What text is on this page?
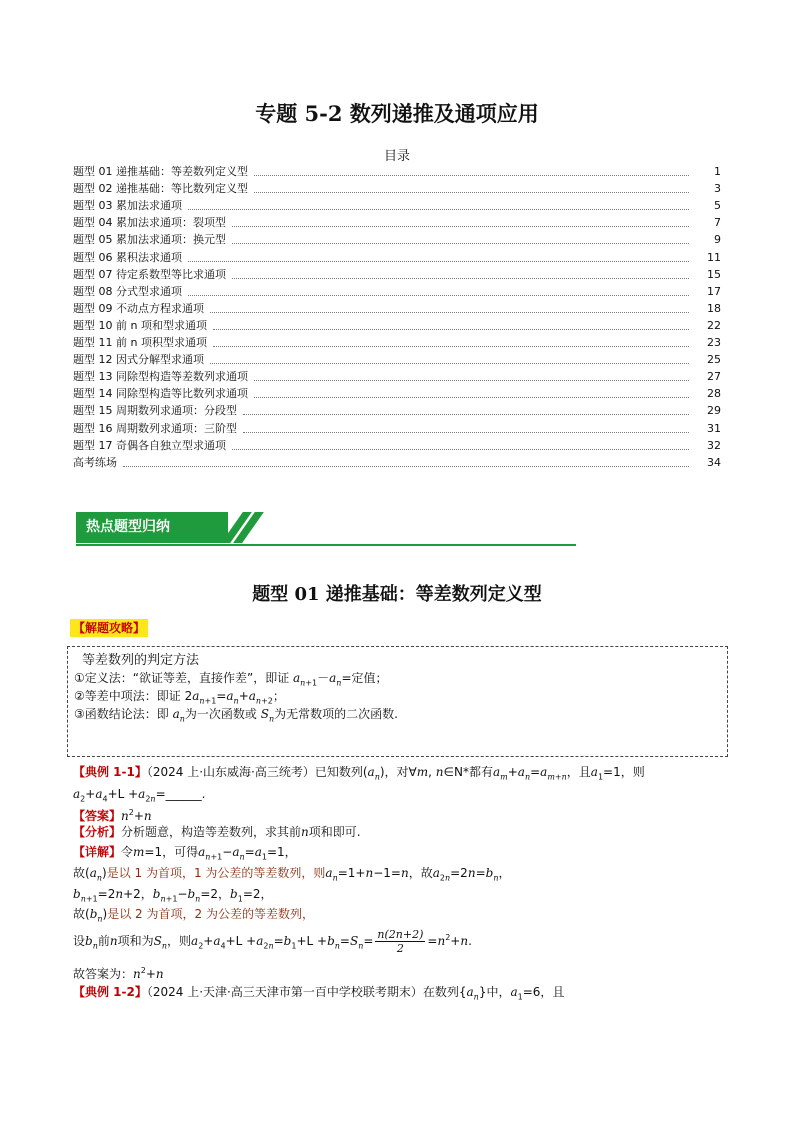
专题 5-2 数列递推及通项应用
目录
题型 01 递推基础：等差数列定义型	1
题型 02 递推基础：等比数列定义型	3
题型 03 累加法求通项	5
题型 04 累加法求通项：裂项型	7
题型 05 累加法求通项：换元型	9
题型 06 累积法求通项	11
题型 07 待定系数型等比求通项	15
题型 08 分式型求通项	17
题型 09 不动点方程求通项	18
题型 10 前 n 项和型求通项	22
题型 11 前 n 项积型求通项	23
题型 12 因式分解型求通项	25
题型 13 同除型构造等差数列求通项	27
题型 14 同除型构造等比数列求通项	28
题型 15 周期数列求通项：分段型	29
题型 16 周期数列求通项：三阶型	31
题型 17 奇偶各自独立型求通项	32
高考练场	34
热点题型归纳
题型 01 递推基础：等差数列定义型
【解题攻略】
等差数列的判定方法
①定义法：“欲证等差，直接作差”，即证 $a_{n+1}-a_n=$定值；
②等差中项法：即证 $2a_{n+1}=a_n+a_{n+2}$；
③函数结论法：即 $a_n$为一次函数或 $S_n$为无常数项的二次函数.
【典例 1-1】（2024 上·山东威海·高三统考）已知数列$(a_n)$，对∀m, n∈N*都有$a_m+a_n=a_{m+n}$，且$a_1=1$，则
$a_2+a_4+L$ $+a_{2n}=\_\_\_\_\_\_$.
【答案】$n^2+n$
【分析】分析题意，构造等差数列，求其前n项和即可.
【详解】令m=1，可得$a_{n+1}-a_n=a_1=1$，
故$(a_n)$是以 1 为首项，1 为公差的等差数列，则$a_n=1+n-1=n$，故$a_{2n}=2n=b_n$，
$b_{n+1}=2n+2$，$b_{n+1}-b_n=2$，$b_1=2$，
故$(b_n)$是以 2 为首项，2 为公差的等差数列，
设$b_n$前n项和为$S_n$，则$a_2+a_4+L +a_{2n}=b_1+L +b_n=S_n= \frac{n(2n+2)}{2} =n^2+n$.
故答案为：$n^2+n$
【典例 1-2】（2024 上·天津·高三天津市第一百中学校联考期末）在数列$\{a_n\}$中，$a_1=6$，且
